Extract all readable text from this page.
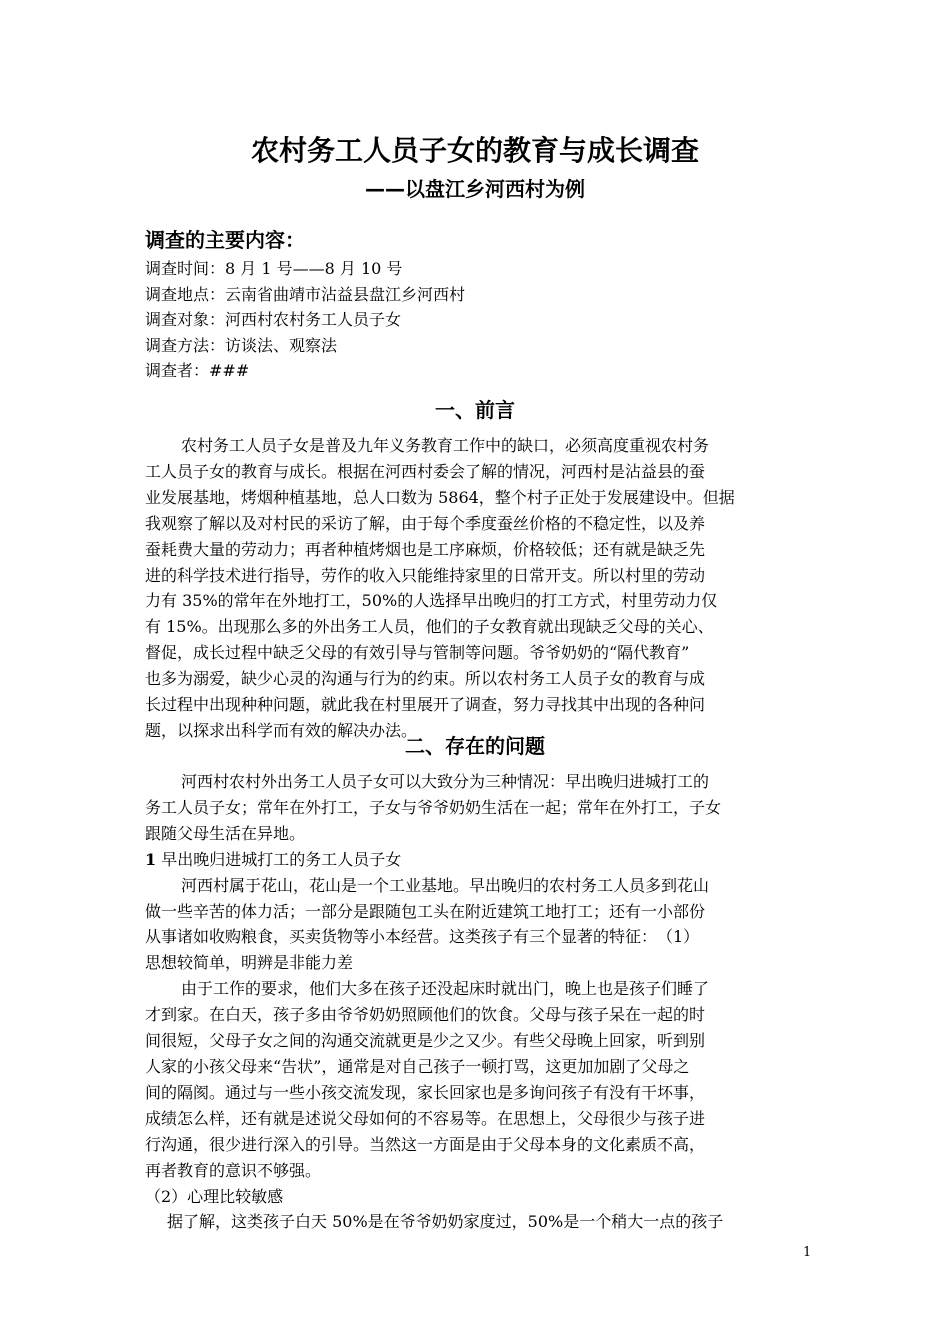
农村务工人员子女的教育与成长调查
——以盘江乡河西村为例
调查的主要内容：
调查时间：8 月 1 号——8 月 10 号
调查地点：云南省曲靖市沾益县盘江乡河西村
调查对象：河西村农村务工人员子女
调查方法：访谈法、观察法
调查者：###
一、前言
农村务工人员子女是普及九年义务教育工作中的缺口，必须高度重视农村务
工人员子女的教育与成长。根据在河西村委会了解的情况，河西村是沾益县的蚕
业发展基地，烤烟种植基地，总人口数为 5864，整个村子正处于发展建设中。但据
我观察了解以及对村民的采访了解，由于每个季度蚕丝价格的不稳定性，以及养
蚕耗费大量的劳动力；再者种植烤烟也是工序麻烦，价格较低；还有就是缺乏先
进的科学技术进行指导，劳作的收入只能维持家里的日常开支。所以村里的劳动
力有 35%的常年在外地打工，50%的人选择早出晚归的打工方式，村里劳动力仅
有 15%。出现那么多的外出务工人员，他们的子女教育就出现缺乏父母的关心、
督促，成长过程中缺乏父母的有效引导与管制等问题。爷爷奶奶的“隔代教育”
也多为溺爱，缺少心灵的沟通与行为的约束。所以农村务工人员子女的教育与成
长过程中出现种种问题，就此我在村里展开了调查，努力寻找其中出现的各种问
题，以探求出科学而有效的解决办法。
二、存在的问题
河西村农村外出务工人员子女可以大致分为三种情况：早出晚归进城打工的
务工人员子女；常年在外打工，子女与爷爷奶奶生活在一起；常年在外打工，子女
跟随父母生活在异地。
1 早出晚归进城打工的务工人员子女
河西村属于花山，花山是一个工业基地。早出晚归的农村务工人员多到花山
做一些辛苦的体力活；一部分是跟随包工头在附近建筑工地打工；还有一小部份
从事诸如收购粮食，买卖货物等小本经营。这类孩子有三个显著的特征：　（1）
思想较简单，明辨是非能力差
由于工作的要求，他们大多在孩子还没起床时就出门，晚上也是孩子们睡了
才到家。在白天，孩子多由爷爷奶奶照顾他们的饮食。父母与孩子呆在一起的时
间很短，父母子女之间的沟通交流就更是少之又少。有些父母晚上回家，听到别
人家的小孩父母来“告状”，通常是对自己孩子一顿打骂，这更加加剧了父母之
间的隔阂。通过与一些小孩交流发现，家长回家也是多询问孩子有没有干坏事，
成绩怎么样，还有就是述说父母如何的不容易等。在思想上，父母很少与孩子进
行沟通，很少进行深入的引导。当然这一方面是由于父母本身的文化素质不高，
再者教育的意识不够强。
（2）心理比较敏感
据了解，这类孩子白天 50%是在爷爷奶奶家度过，50%是一个稍大一点的孩子
1
